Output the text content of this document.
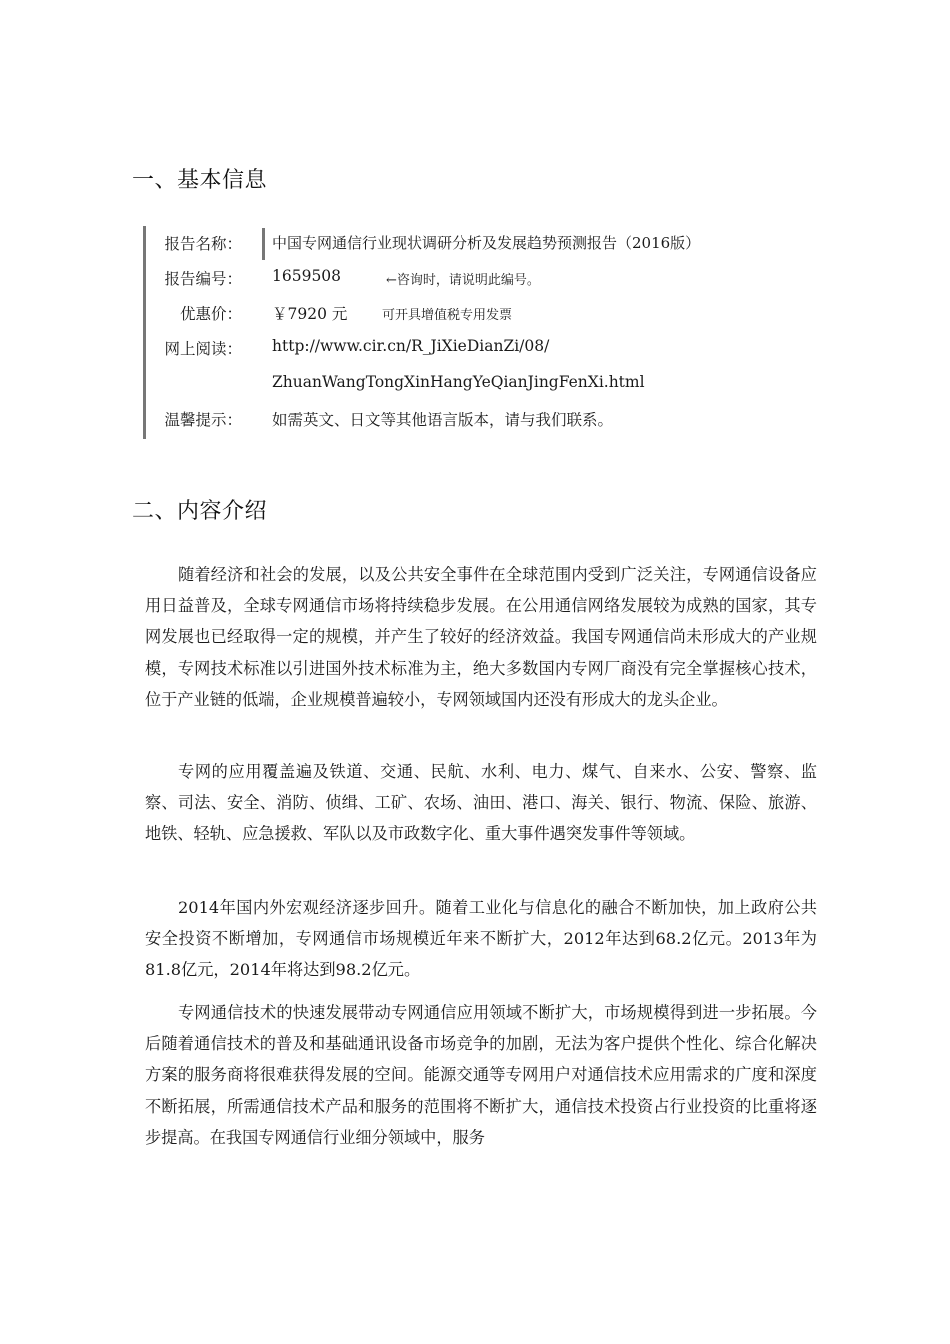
一、基本信息
报告名称： 中国专网通信行业现状调研分析及发展趋势预测报告（2016版）
报告编号： 1659508	←咨询时，请说明此编号。
优惠价： ￥7920 元	可开具增值税专用发票
网上阅读： http://www.cir.cn/R_JiXieDianZi/08/
ZhuanWangTongXinHangYeQianJingFenXi.html
温馨提示： 如需英文、日文等其他语言版本，请与我们联系。
二、内容介绍

随着经济和社会的发展，以及公共安全事件在全球范围内受到广泛关注，专网通信设备应用日益普及，全球专网通信市场将持续稳步发展。在公用通信网络发展较为成熟的国家，其专网发展也已经取得一定的规模，并产生了较好的经济效益。我国专网通信尚未形成大的产业规模，专网技术标准以引进国外技术标准为主，绝大多数国内专网厂商没有完全掌握核心技术，位于产业链的低端，企业规模普遍较小，专网领域国内还没有形成大的龙头企业。

专网的应用覆盖遍及铁道、交通、民航、水利、电力、煤气、自来水、公安、警察、监察、司法、安全、消防、侦缉、工矿、农场、油田、港口、海关、银行、物流、保险、旅游、地铁、轻轨、应急援救、军队以及市政数字化、重大事件遇突发事件等领域。

2014年国内外宏观经济逐步回升。随着工业化与信息化的融合不断加快，加上政府公共安全投资不断增加，专网通信市场规模近年来不断扩大，2012年达到68.2亿元。2013年为81.8亿元，2014年将达到98.2亿元。

专网通信技术的快速发展带动专网通信应用领域不断扩大，市场规模得到进一步拓展。今后随着通信技术的普及和基础通讯设备市场竞争的加剧，无法为客户提供个性化、综合化解决方案的服务商将很难获得发展的空间。能源交通等专网用户对通信技术应用需求的广度和深度不断拓展，所需通信技术产品和服务的范围将不断扩大，通信技术投资占行业投资的比重将逐步提高。在我国专网通信行业细分领域中，服务
